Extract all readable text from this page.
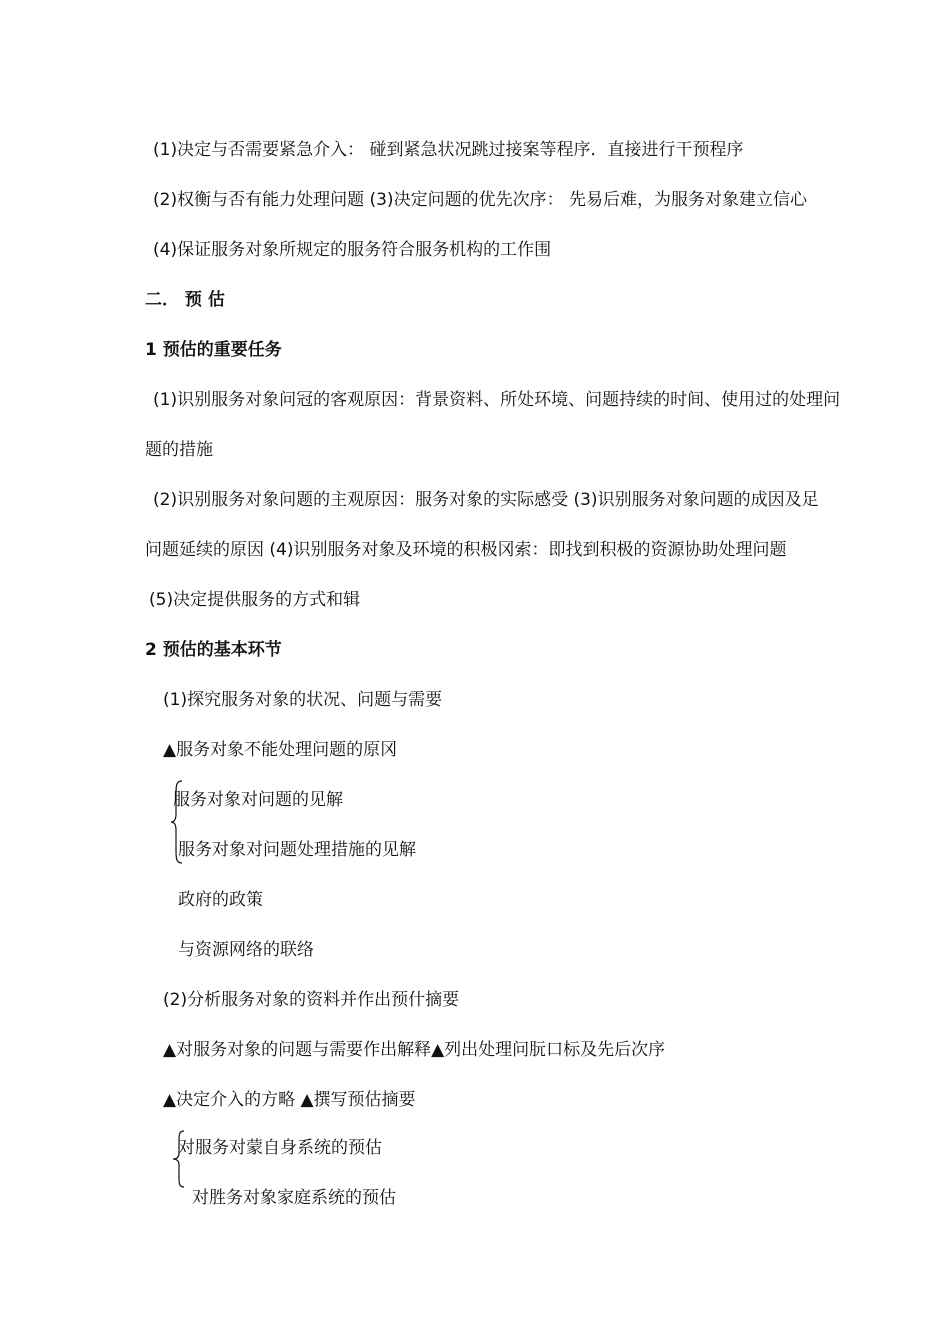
(1)决定与否需要紧急介入： 碰到紧急状况跳过接案等程序．直接进行干预程序
(2)权衡与否有能力处理问题 (3)决定问题的优先次序： 先易后难，为服务对象建立信心
(4)保证服务对象所规定的服务符合服务机构的工作围
二． 预 估
1 预估的重要任务
(1)识别服务对象问冠的客观原因：背景资料、所处环境、问题持续的时间、使用过的处理问
题的措施
(2)识别服务对象问题的主观原因：服务对象的实际感受 (3)识别服务对象问题的成因及足
问题延续的原因 (4)识别服务对象及环境的积极冈索：即找到积极的资源协助处理问题
(5)决定提供服务的方式和辑
2 预估的基本环节
(1)探究服务对象的状况、问题与需要
▲服务对象不能处理问题的原冈
服务对象对问题的见解
服务对象对问题处理措施的见解
政府的政策
与资源网络的联络
(2)分析服务对象的资料并作出预什摘要
▲对服务对象的问题与需要作出解释▲列出处理问朊口标及先后次序
▲决定介入的方略 ▲撰写预估摘要
对服务对蒙自身系统的预估
对胜务对象家庭系统的预估
